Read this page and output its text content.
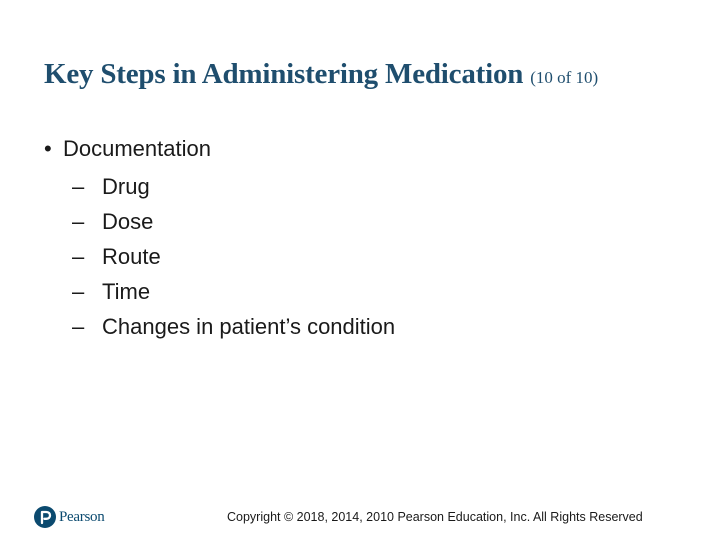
Key Steps in Administering Medication (10 of 10)
• Documentation
– Drug
– Dose
– Route
– Time
– Changes in patient’s condition
Pearson	Copyright © 2018, 2014, 2010 Pearson Education, Inc. All Rights Reserved
